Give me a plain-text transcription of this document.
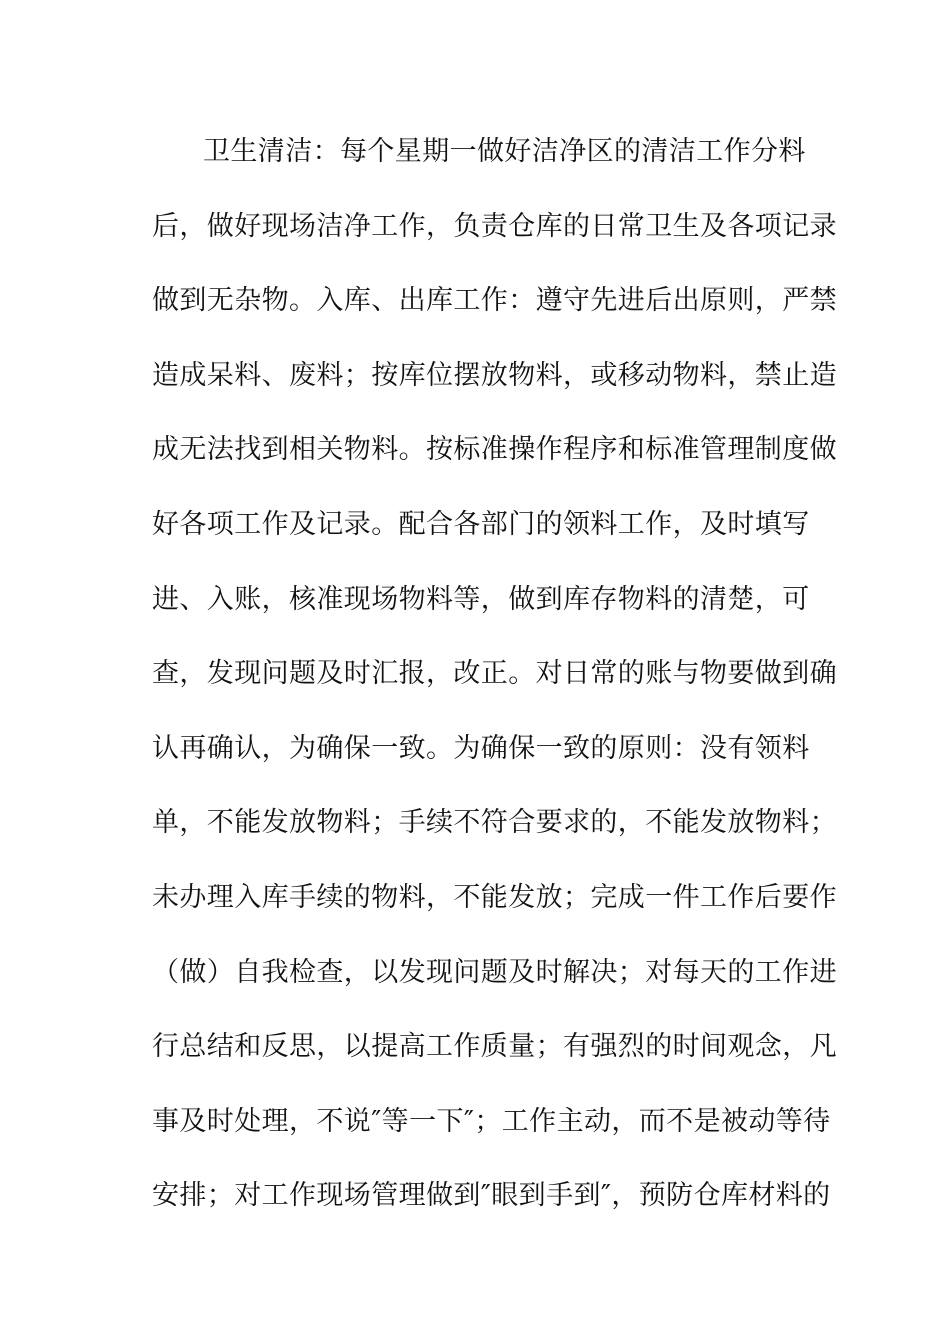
卫生清洁：每个星期一做好洁净区的清洁工作分料
后，做好现场洁净工作，负责仓库的日常卫生及各项记录
做到无杂物。入库、出库工作：遵守先进后出原则，严禁
造成呆料、废料；按库位摆放物料，或移动物料，禁止造
成无法找到相关物料。按标准操作程序和标准管理制度做
好各项工作及记录。配合各部门的领料工作，及时填写
进、入账，核准现场物料等，做到库存物料的清楚，可
查，发现问题及时汇报，改正。对日常的账与物要做到确
认再确认，为确保一致。为确保一致的原则：没有领料
单，不能发放物料；手续不符合要求的，不能发放物料；
未办理入库手续的物料，不能发放；完成一件工作后要作
（做）自我检查，以发现问题及时解决；对每天的工作进
行总结和反思，以提高工作质量；有强烈的时间观念，凡
事及时处理，不说″等一下″；工作主动，而不是被动等待
安排；对工作现场管理做到″眼到手到″，预防仓库材料的
